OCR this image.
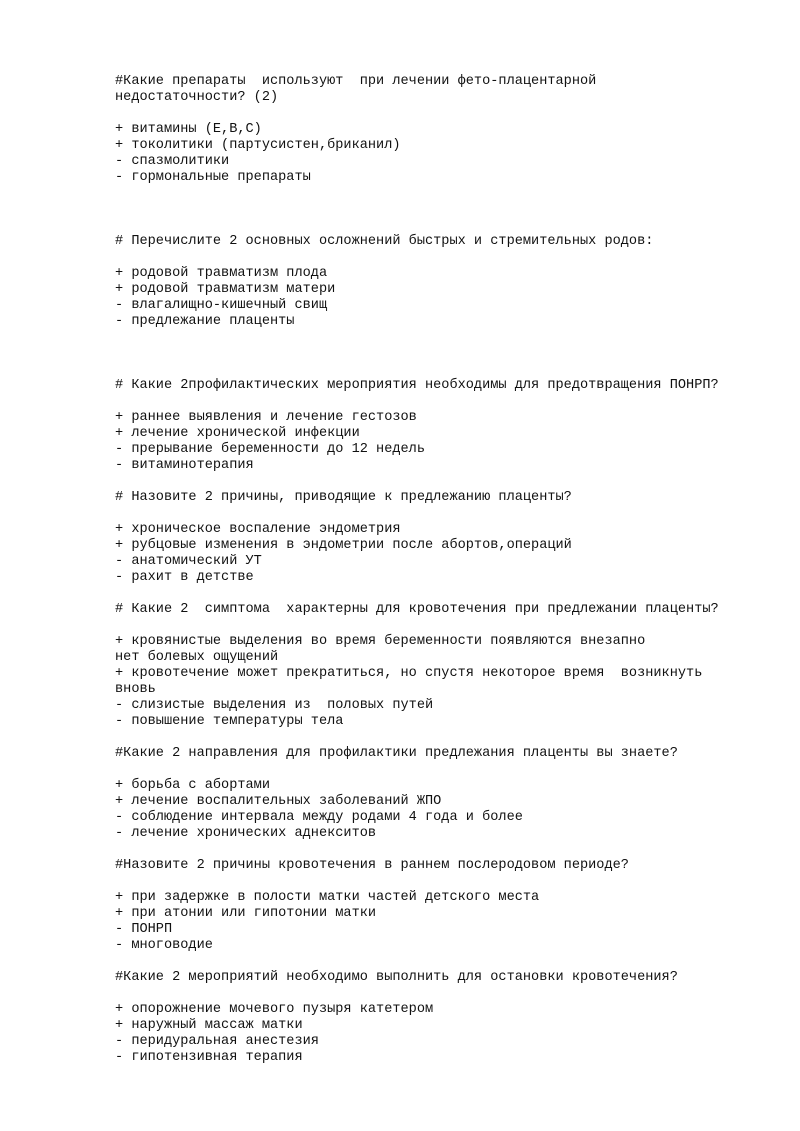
#Какие препараты  используют  при лечении фето-плацентарной
недостаточности? (2)
+ витамины (Е,В,С)
+ токолитики (партусистен,бриканил)
- спазмолитики
- гормональные препараты
# Перечислите 2 основных осложнений быстрых и стремительных родов:
+ родовой травматизм плода
+ родовой травматизм матери
- влагалищно-кишечный свищ
- предлежание плаценты
# Какие 2профилактических мероприятия необходимы для предотвращения ПОНРП?
+ раннее выявления и лечение гестозов
+ лечение хронической инфекции
- прерывание беременности до 12 недель
- витаминотерапия
# Назовите 2 причины, приводящие к предлежанию плаценты?
+ хроническое воспаление эндометрия
+ рубцовые изменения в эндометрии после абортов,операций
- анатомический УТ
- рахит в детстве
# Какие 2  симптома  характерны для кровотечения при предлежании плаценты?
+ кровянистые выделения во время беременности появляются внезапно
нет болевых ощущений
+ кровотечение может прекратиться, но спустя некоторое время  возникнуть
вновь
- слизистые выделения из  половых путей
- повышение температуры тела
#Какие 2 направления для профилактики предлежания плаценты вы знаете?
+ борьба с абортами
+ лечение воспалительных заболеваний ЖПО
- соблюдение интервала между родами 4 года и более
- лечение хронических аднекситов
#Назовите 2 причины кровотечения в раннем послеродовом периоде?
+ при задержке в полости матки частей детского места
+ при атонии или гипотонии матки
- ПОНРП
- многоводие
#Какие 2 мероприятий необходимо выполнить для остановки кровотечения?
+ опорожнение мочевого пузыря катетером
+ наружный массаж матки
- перидуральная анестезия
- гипотензивная терапия
